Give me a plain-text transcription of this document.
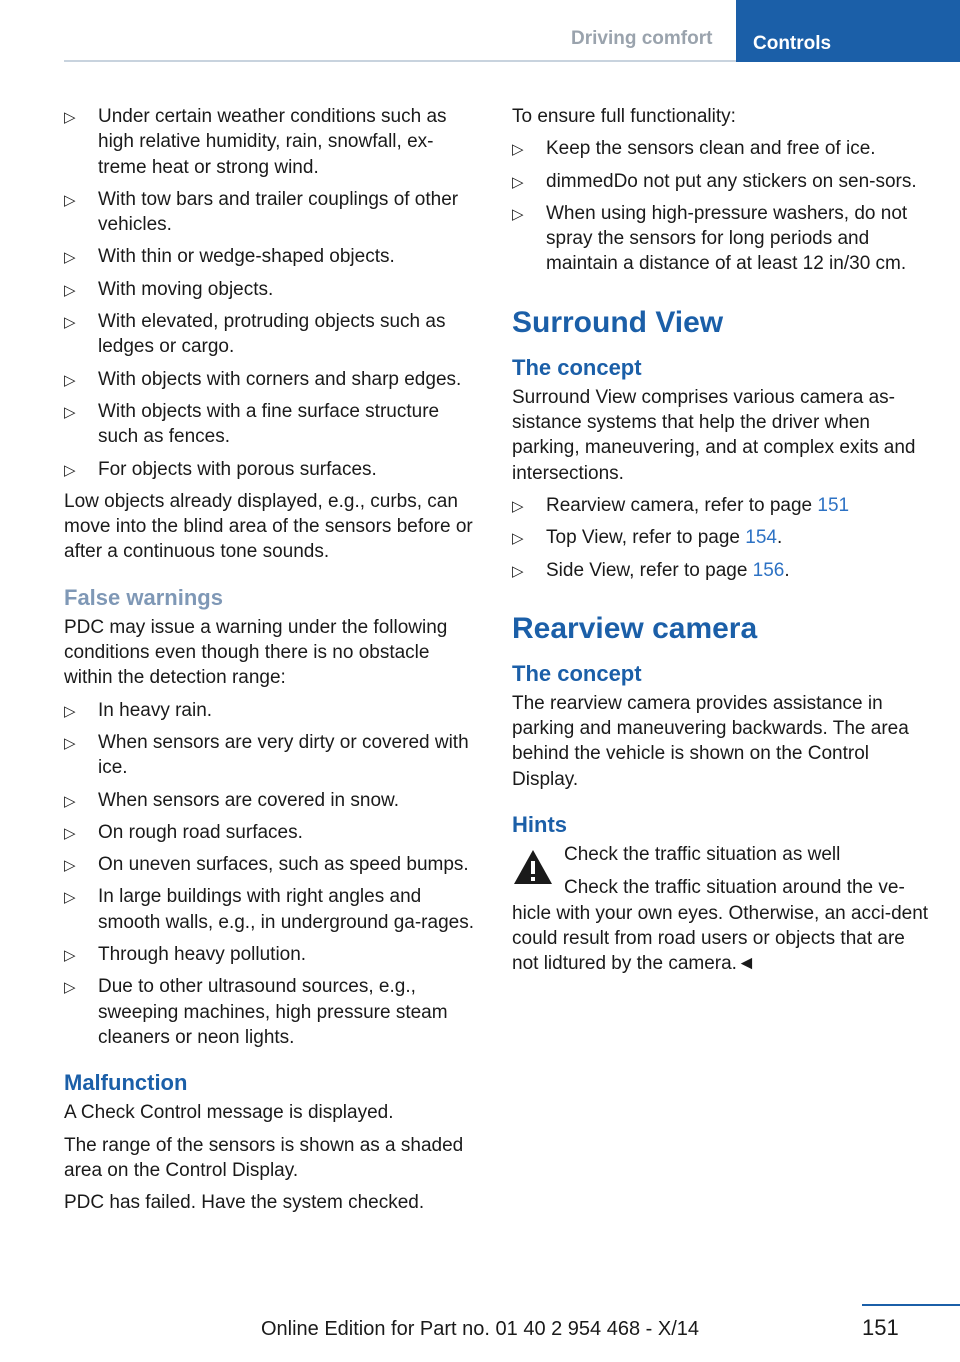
Driving comfort	Controls
▷ Under certain weather conditions such as high relative humidity, rain, snowfall, ex-treme heat or strong wind.
▷ With tow bars and trailer couplings of other vehicles.
▷ With thin or wedge-shaped objects.
▷ With moving objects.
▷ With elevated, protruding objects such as ledges or cargo.
▷ With objects with corners and sharp edges.
▷ With objects with a fine surface structure such as fences.
▷ For objects with porous surfaces.

Low objects already displayed, e.g., curbs, can move into the blind area of the sensors before or after a continuous tone sounds.

False warnings

PDC may issue a warning under the following conditions even though there is no obstacle within the detection range:

▷ In heavy rain.
▷ When sensors are very dirty or covered with ice.
▷ When sensors are covered in snow.
▷ On rough road surfaces.
▷ On uneven surfaces, such as speed bumps.
▷ In large buildings with right angles and smooth walls, e.g., in underground ga-rages.
▷ Through heavy pollution.
▷ Due to other ultrasound sources, e.g., sweeping machines, high pressure steam cleaners or neon lights.
Malfunction

A Check Control message is displayed.

The range of the sensors is shown as a shaded area on the Control Display.

PDC has failed. Have the system checked.

To ensure full functionality:

▷ Keep the sensors clean and free of ice.
▷ dimmedDo not put any stickers on sen-sors.
▷ When using high-pressure washers, do not spray the sensors for long periods and maintain a distance of at least 12 in/30 cm.
Surround View
The concept

Surround View comprises various camera as-sistance systems that help the driver when parking, maneuvering, and at complex exits and intersections.

▷ Rearview camera, refer to page 151
▷ Top View, refer to page 154.
▷ Side View, refer to page 156.
Rearview camera
The concept

The rearview camera provides assistance in parking and maneuvering backwards. The area behind the vehicle is shown on the Control Display.

Hints
Check the traffic situation as well

Check the traffic situation around the ve-hicle with your own eyes. Otherwise, an acci-dent could result from road users or objects that are not lidtured by the camera.◄

151
Online Edition for Part no. 01 40 2 954 468 - X/14
